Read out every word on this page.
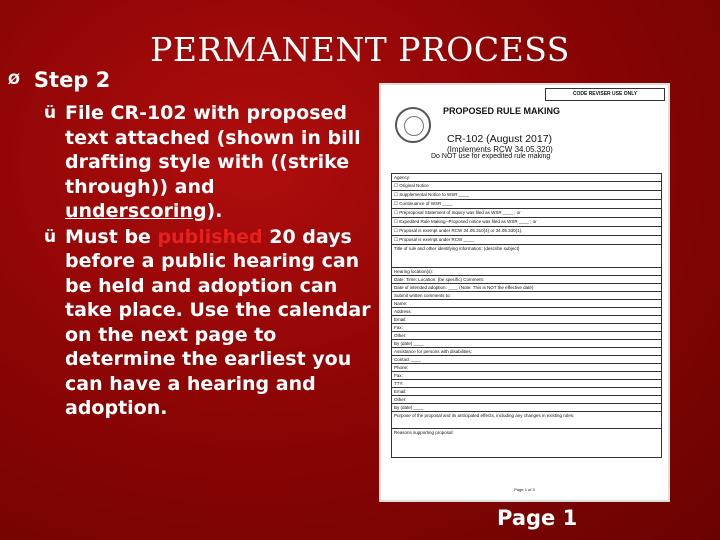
PERMANENT PROCESS
Ø Step 2
ü File CR-102 with proposed text attached (shown in bill drafting style with ((strike through)) and underscoring).
ü Must be published 20 days before a public hearing can be held and adoption can take place. Use the calendar on the next page to determine the earliest you can have a hearing and adoption.
CODE REVISER USE ONLY
PROPOSED RULE MAKING
CR-102 (August 2017)
(Implements RCW 34.05.320)
Do NOT use for expedited rule making
Agency:
☐ Original Notice
☐ Supplemental Notice to WSR ____
☐ Continuance of WSR ____
☐ Preproposal Statement of Inquiry was filed as WSR ____ ; or
☐ Expedited Rule Making--Proposed notice was filed as WSR ____ ; or
☐ Proposal is exempt under RCW 34.05.310(4) or 34.05.330(1).
☐ Proposal is exempt under RCW ____
Title of rule and other identifying information: (describe subject)
Hearing location(s):
Date: Time: Location: (be specific) Comment:
Date of intended adoption: ____ (Note: This is NOT the effective date)
Submit written comments to:
Name:
Address:
Email:
Fax:
Other:
By (date) ____
Assistance for persons with disabilities:
Contact ____
Phone:
Fax:
TTY:
Email:
Other:
By (date) ____
Purpose of the proposal and its anticipated effects, including any changes in existing rules:
Reasons supporting proposal:
Page 1 of 3
Page 1
